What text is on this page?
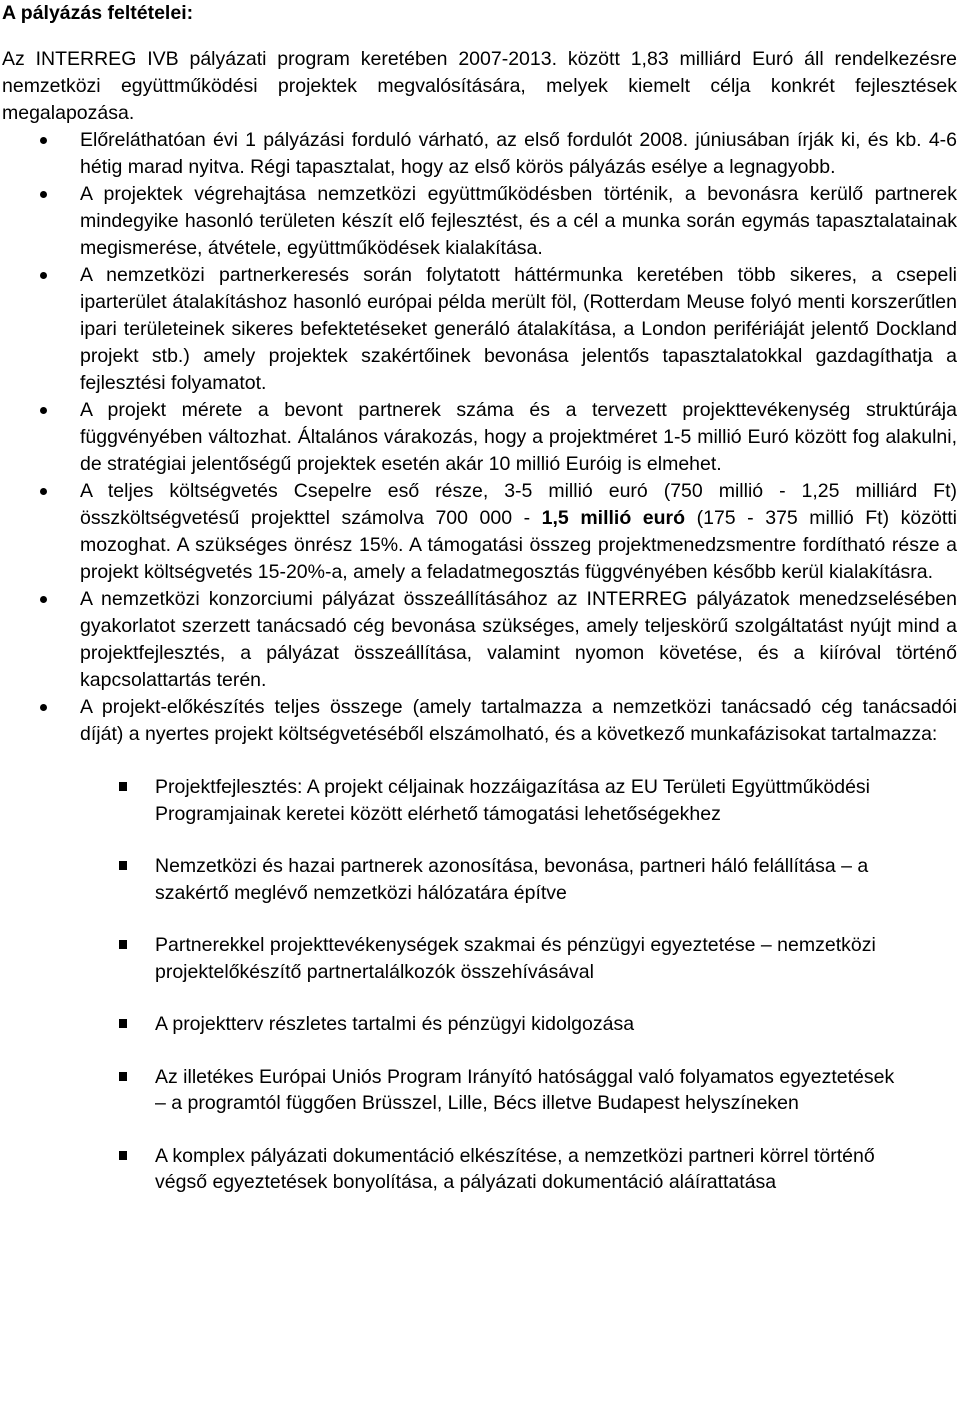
A pályázás feltételei:

Az INTERREG IVB pályázati program keretében 2007-2013. között 1,83 milliárd Euró áll rendelkezésre nemzetközi együttműködési projektek megvalósítására, melyek kiemelt célja konkrét fejlesztések megalapozása.

Előreláthatóan évi 1 pályázási forduló várható, az első fordulót 2008. júniusában írják ki, és kb. 4-6 hétig marad nyitva. Régi tapasztalat, hogy az első körös pályázás esélye a legnagyobb.
A projektek végrehajtása nemzetközi együttműködésben történik, a bevonásra kerülő partnerek mindegyike hasonló területen készít elő fejlesztést, és a cél a munka során egymás tapasztalatainak megismerése, átvétele, együttműködések kialakítása.
A nemzetközi partnerkeresés során folytatott háttérmunka keretében több sikeres, a csepeli iparterület átalakításhoz hasonló európai példa merült föl, (Rotterdam Meuse folyó menti korszerűtlen ipari területeinek sikeres befektetéseket generáló átalakítása, a London perifériáját jelentő Dockland projekt stb.) amely projektek szakértőinek bevonása jelentős tapasztalatokkal gazdagíthatja a fejlesztési folyamatot.
A projekt mérete a bevont partnerek száma és a tervezett projekttevékenység struktúrája függvényében változhat. Általános várakozás, hogy a projektméret 1-5 millió Euró között fog alakulni, de stratégiai jelentőségű projektek esetén akár 10 millió Euróig is elmehet.
A teljes költségvetés Csepelre eső része, 3-5 millió euró (750 millió - 1,25 milliárd Ft) összköltségvetésű projekttel számolva 700 000 - 1,5 millió euró (175 - 375 millió Ft) közötti mozoghat. A szükséges önrész 15%. A támogatási összeg projektmenedzsmentre fordítható része a projekt költségvetés 15-20%-a, amely a feladatmegosztás függvényében később kerül kialakításra.
A nemzetközi konzorciumi pályázat összeállításához az INTERREG pályázatok menedzselésében gyakorlatot szerzett tanácsadó cég bevonása szükséges, amely teljeskörű szolgáltatást nyújt mind a projektfejlesztés, a pályázat összeállítása, valamint nyomon követése, és a kiíróval történő kapcsolattartás terén.
A projekt-előkészítés teljes összege (amely tartalmazza a nemzetközi tanácsadó cég tanácsadói díját) a nyertes projekt költségvetéséből elszámolható, és a következő munkafázisokat tartalmazza:
Projektfejlesztés: A projekt céljainak hozzáigazítása az EU Területi Együttműködési Programjainak keretei között elérhető támogatási lehetőségekhez
Nemzetközi és hazai partnerek azonosítása, bevonása, partneri háló felállítása – a szakértő meglévő nemzetközi hálózatára építve
Partnerekkel projekttevékenységek szakmai és pénzügyi egyeztetése – nemzetközi projektelőkészítő partnertalálkozók összehívásával
A projektterv részletes tartalmi és pénzügyi kidolgozása
Az illetékes Európai Uniós Program Irányító hatósággal való folyamatos egyeztetések – a programtól függően Brüsszel, Lille, Bécs illetve Budapest helyszíneken
A komplex pályázati dokumentáció elkészítése, a nemzetközi partneri körrel történő végső egyeztetések bonyolítása, a pályázati dokumentáció aláírattatása
